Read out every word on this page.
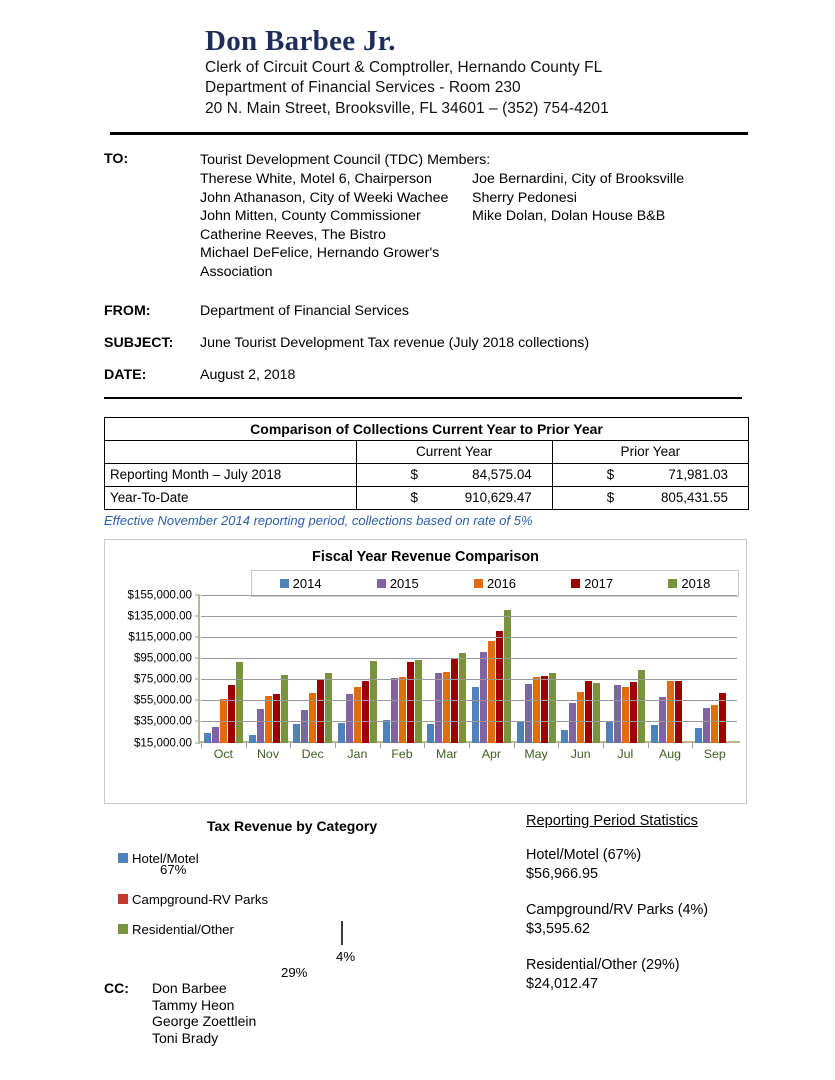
Don Barbee Jr.
Clerk of Circuit Court & Comptroller, Hernando County FL
Department of Financial Services - Room 230
20 N. Main Street, Brooksville, FL 34601 – (352) 754-4201
TO:	Tourist Development Council (TDC) Members:
Therese White, Motel 6, Chairperson
John Athanason, City of Weeki Wachee
John Mitten, County Commissioner
Catherine Reeves, The Bistro
Michael DeFelice, Hernando Grower's Association
Joe Bernardini, City of Brooksville
Sherry Pedonesi
Mike Dolan, Dolan House B&B
FROM:	Department of Financial Services
SUBJECT:	June Tourist Development Tax revenue (July 2018 collections)
DATE:	August 2, 2018
Comparison of Collections Current Year to Prior Year		
	Current Year	Prior Year
Reporting Month – July 2018	$ 84,575.04	$ 71,981.03
Year-To-Date	$ 910,629.47	$ 805,431.55
Effective November 2014 reporting period, collections based on rate of 5%
Fiscal Year Revenue Comparison
2014	2015	2016	2017	2018
$155,000.00
$135,000.00
$115,000.00
$95,000.00
$75,000.00
$55,000.00
$35,000.00
$15,000.00
Oct	Nov	Dec	Jan	Feb	Mar	Apr	May	Jun	Jul	Aug	Sep
Tax Revenue by Category
Hotel/Motel
Campground-RV Parks
Residential/Other
67%
29%
4%
Reporting Period Statistics
Hotel/Motel (67%)
$56,966.95
Campground/RV Parks (4%)
$3,595.62
Residential/Other (29%)
$24,012.47
CC:	Don Barbee
Tammy Heon
George Zoettlein
Toni Brady
